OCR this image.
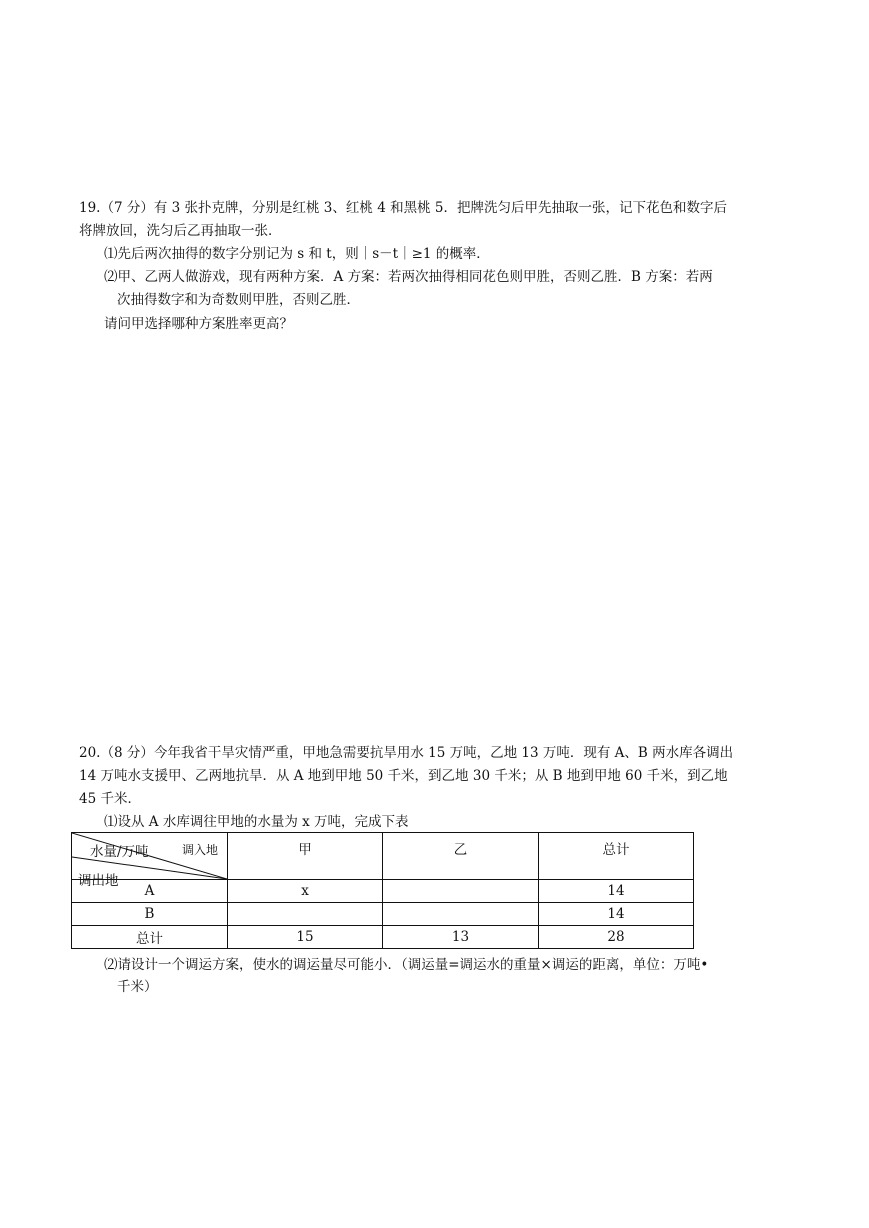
19.（7 分）有 3 张扑克牌，分别是红桃 3、红桃 4 和黑桃 5．把牌洗匀后甲先抽取一张，记下花色和数字后
将牌放回，洗匀后乙再抽取一张．
⑴先后两次抽得的数字分别记为 s 和 t，则｜s－t｜≥1 的概率．
⑵甲、乙两人做游戏，现有两种方案．A 方案：若两次抽得相同花色则甲胜，否则乙胜．B 方案：若两
次抽得数字和为奇数则甲胜，否则乙胜．
请问甲选择哪种方案胜率更高？
20.（8 分）今年我省干旱灾情严重，甲地急需要抗旱用水 15 万吨，乙地 13 万吨．现有 A、B 两水库各调出
14 万吨水支援甲、乙两地抗旱．从 A 地到甲地 50 千米，到乙地 30 千米；从 B 地到甲地 60 千米，到乙地
45 千米．
⑴设从 A 水库调往甲地的水量为 x 万吨，完成下表
水量/万吨 调入地
调出地	甲	乙	总计
A	x		14
B			14
总计	15	13	28
⑵请设计一个调运方案，使水的调运量尽可能小．（调运量=调运水的重量×调运的距离，单位：万吨•
千米）
